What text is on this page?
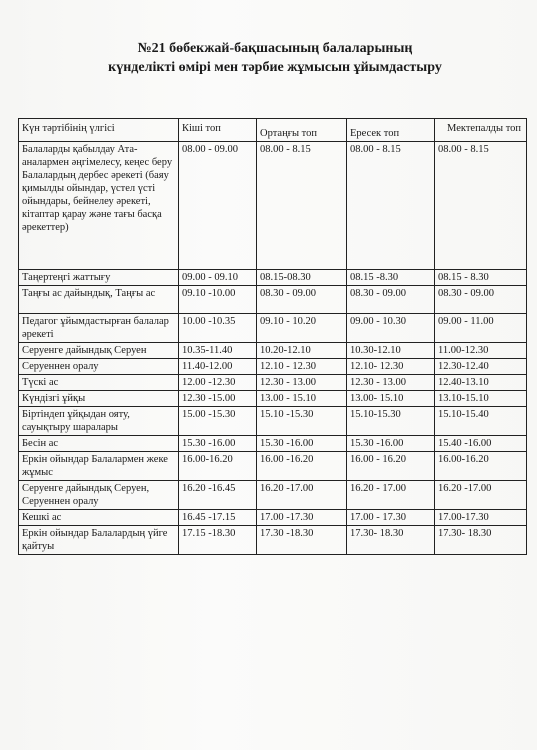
№21 бөбекжай-бақшасының балаларының
күнделікті өмірі мен тәрбие жұмысын ұйымдастыру
Күн тәртібінің үлгісі	Кіші топ	Ортаңғы топ	Ересек топ	Мектепалды топ
Балаларды қабылдау Ата-аналармен әңгімелесу, кеңес беру Балалардың дербес әрекеті (баяу қимылды ойындар, үстел үсті ойындары, бейнелеу әрекеті, кітаптар қарау және тағы басқа әрекеттер)	08.00 - 09.00	08.00 - 8.15	08.00 - 8.15	08.00 - 8.15
Таңертеңгі жаттығу	09.00 - 09.10	08.15-08.30	08.15 -8.30	08.15 - 8.30
Таңғы ас дайындық, Таңғы ас	09.10 -10.00	08.30 - 09.00	08.30 - 09.00	08.30 - 09.00
Педагог ұйымдастырған балалар әрекеті	10.00 -10.35	09.10 - 10.20	09.00 - 10.30	09.00 - 11.00
Серуенге дайындық Серуен	10.35-11.40	10.20-12.10	10.30-12.10	11.00-12.30
Серуеннен оралу	11.40-12.00	12.10 - 12.30	12.10- 12.30	12.30-12.40
Түскі ас	12.00 -12.30	12.30 - 13.00	12.30 - 13.00	12.40-13.10
Күндізгі ұйқы	12.30 -15.00	13.00 - 15.10	13.00- 15.10	13.10-15.10
Біртіндеп ұйқыдан ояту, сауықтыру шаралары	15.00 -15.30	15.10 -15.30	15.10-15.30	15.10-15.40
Бесін ас	15.30 -16.00	15.30 -16.00	15.30 -16.00	15.40 -16.00
Еркін ойындар Балалармен жеке жұмыс	16.00-16.20	16.00 -16.20	16.00 - 16.20	16.00-16.20
Серуенге дайындық Серуен, Серуеннен оралу	16.20 -16.45	16.20 -17.00	16.20 - 17.00	16.20 -17.00
Кешкі ас	16.45 -17.15	17.00 -17.30	17.00 - 17.30	17.00-17.30
Еркін ойындар Балалардың үйге қайтуы	17.15 -18.30	17.30 -18.30	17.30- 18.30	17.30- 18.30
